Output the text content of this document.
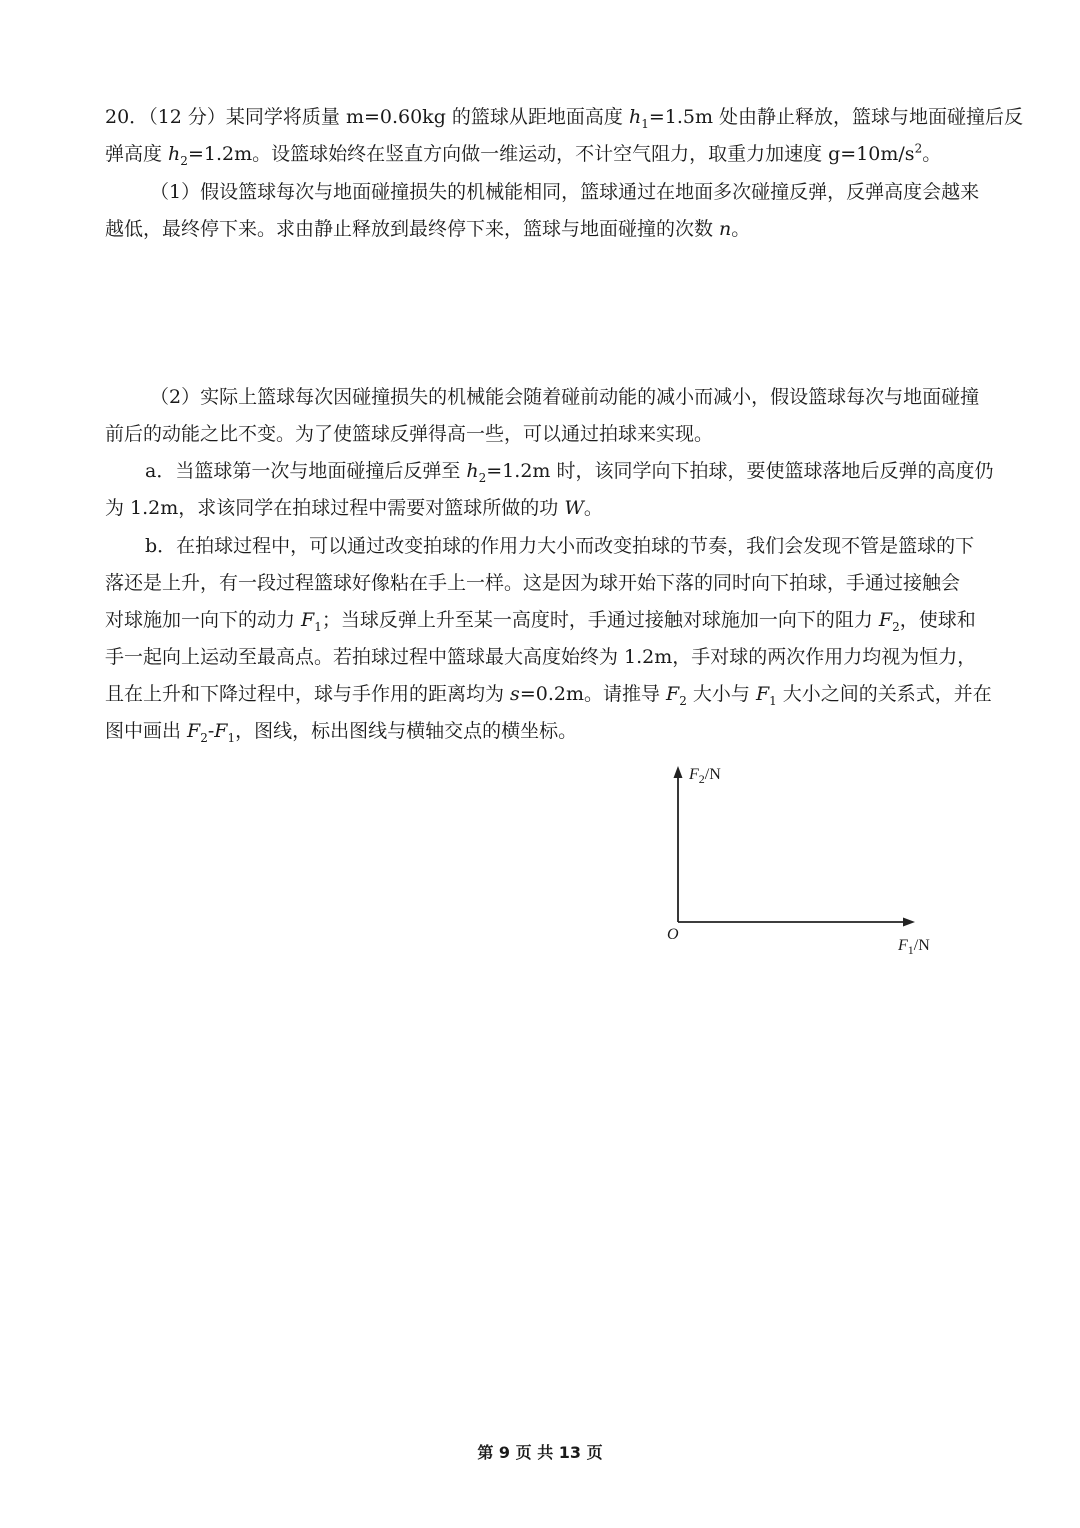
20．（12 分）某同学将质量 m=0.60kg 的篮球从距地面高度 $h_1=1.5m$ 处由静止释放，篮球与地面碰撞后反
弹高度 $h_2=1.2m$。设篮球始终在竖直方向做一维运动，不计空气阻力，取重力加速度 $g=10m/s^2$。
（1）假设篮球每次与地面碰撞损失的机械能相同，篮球通过在地面多次碰撞反弹，反弹高度会越来
越低，最终停下来。求由静止释放到最终停下来，篮球与地面碰撞的次数 n。
（2）实际上篮球每次因碰撞损失的机械能会随着碰前动能的减小而减小，假设篮球每次与地面碰撞
前后的动能之比不变。为了使篮球反弹得高一些，可以通过拍球来实现。
a．当篮球第一次与地面碰撞后反弹至 $h_2=1.2m$ 时，该同学向下拍球，要使篮球落地后反弹的高度仍
为 1.2m，求该同学在拍球过程中需要对篮球所做的功 W。
b．在拍球过程中，可以通过改变拍球的作用力大小而改变拍球的节奏，我们会发现不管是篮球的下
落还是上升，有一段过程篮球好像粘在手上一样。这是因为球开始下落的同时向下拍球，手通过接触会
对球施加一向下的动力 $F_1$；当球反弹上升至某一高度时，手通过接触对球施加一向下的阻力 $F_2$，使球和
手一起向上运动至最高点。若拍球过程中篮球最大高度始终为 1.2m，手对球的两次作用力均视为恒力，
且在上升和下降过程中，球与手作用的距离均为 s=0.2m。请推导 $F_2$ 大小与 $F_1$ 大小之间的关系式，并在
图中画出 $F_2-F_1$，图线，标出图线与横轴交点的横坐标。
$F_2/N$
O
$F_1/N$
第 9 页 共 13 页
